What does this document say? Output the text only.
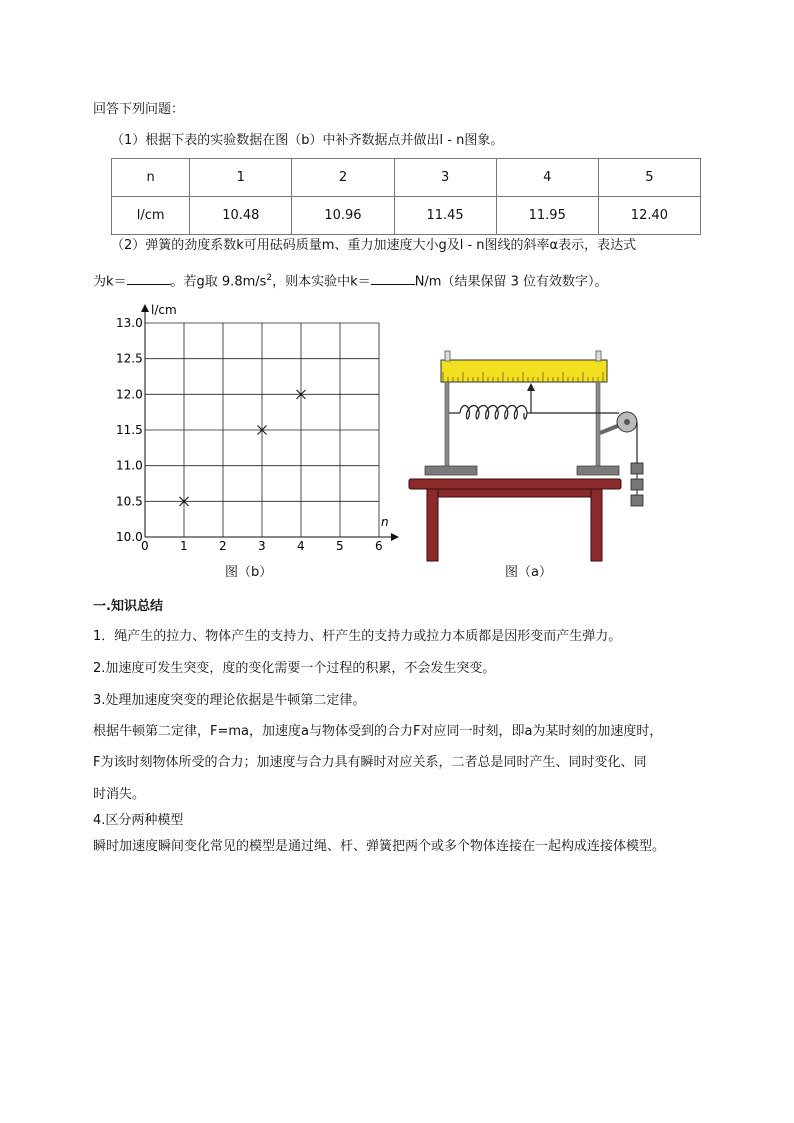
回答下列问题：
（1）根据下表的实验数据在图（b）中补齐数据点并做出l - n图象。
n	1	2	3	4	5
l/cm	10.48	10.96	11.45	11.95	12.40
（2）弹簧的劲度系数k可用砝码质量m、重力加速度大小g及l - n图线的斜率α表示，表达式
为k＝	。若g取 $9.8m/s^2$，则本实验中k＝	N/m（结果保留 3 位有效数字）。
0	1	2	3	4	5	6
10.0
10.5
11.0
11.5
12.0
12.5
13.0
n
l/cm
图（b）	图（a）
一.知识总结
1．绳产生的拉力、物体产生的支持力、杆产生的支持力或拉力本质都是因形变而产生弹力。
2.加速度可发生突变，度的变化需要一个过程的积累，不会发生突变。
3.处理加速度突变的理论依据是牛顿第二定律。
根据牛顿第二定律，F=ma，加速度a与物体受到的合力F对应同一时刻，即a为某时刻的加速度时，
F为该时刻物体所受的合力；加速度与合力具有瞬时对应关系，二者总是同时产生、同时变化、同
时消失。
4.区分两种模型
瞬时加速度瞬间变化常见的模型是通过绳、杆、弹簧把两个或多个物体连接在一起构成连接体模型。
